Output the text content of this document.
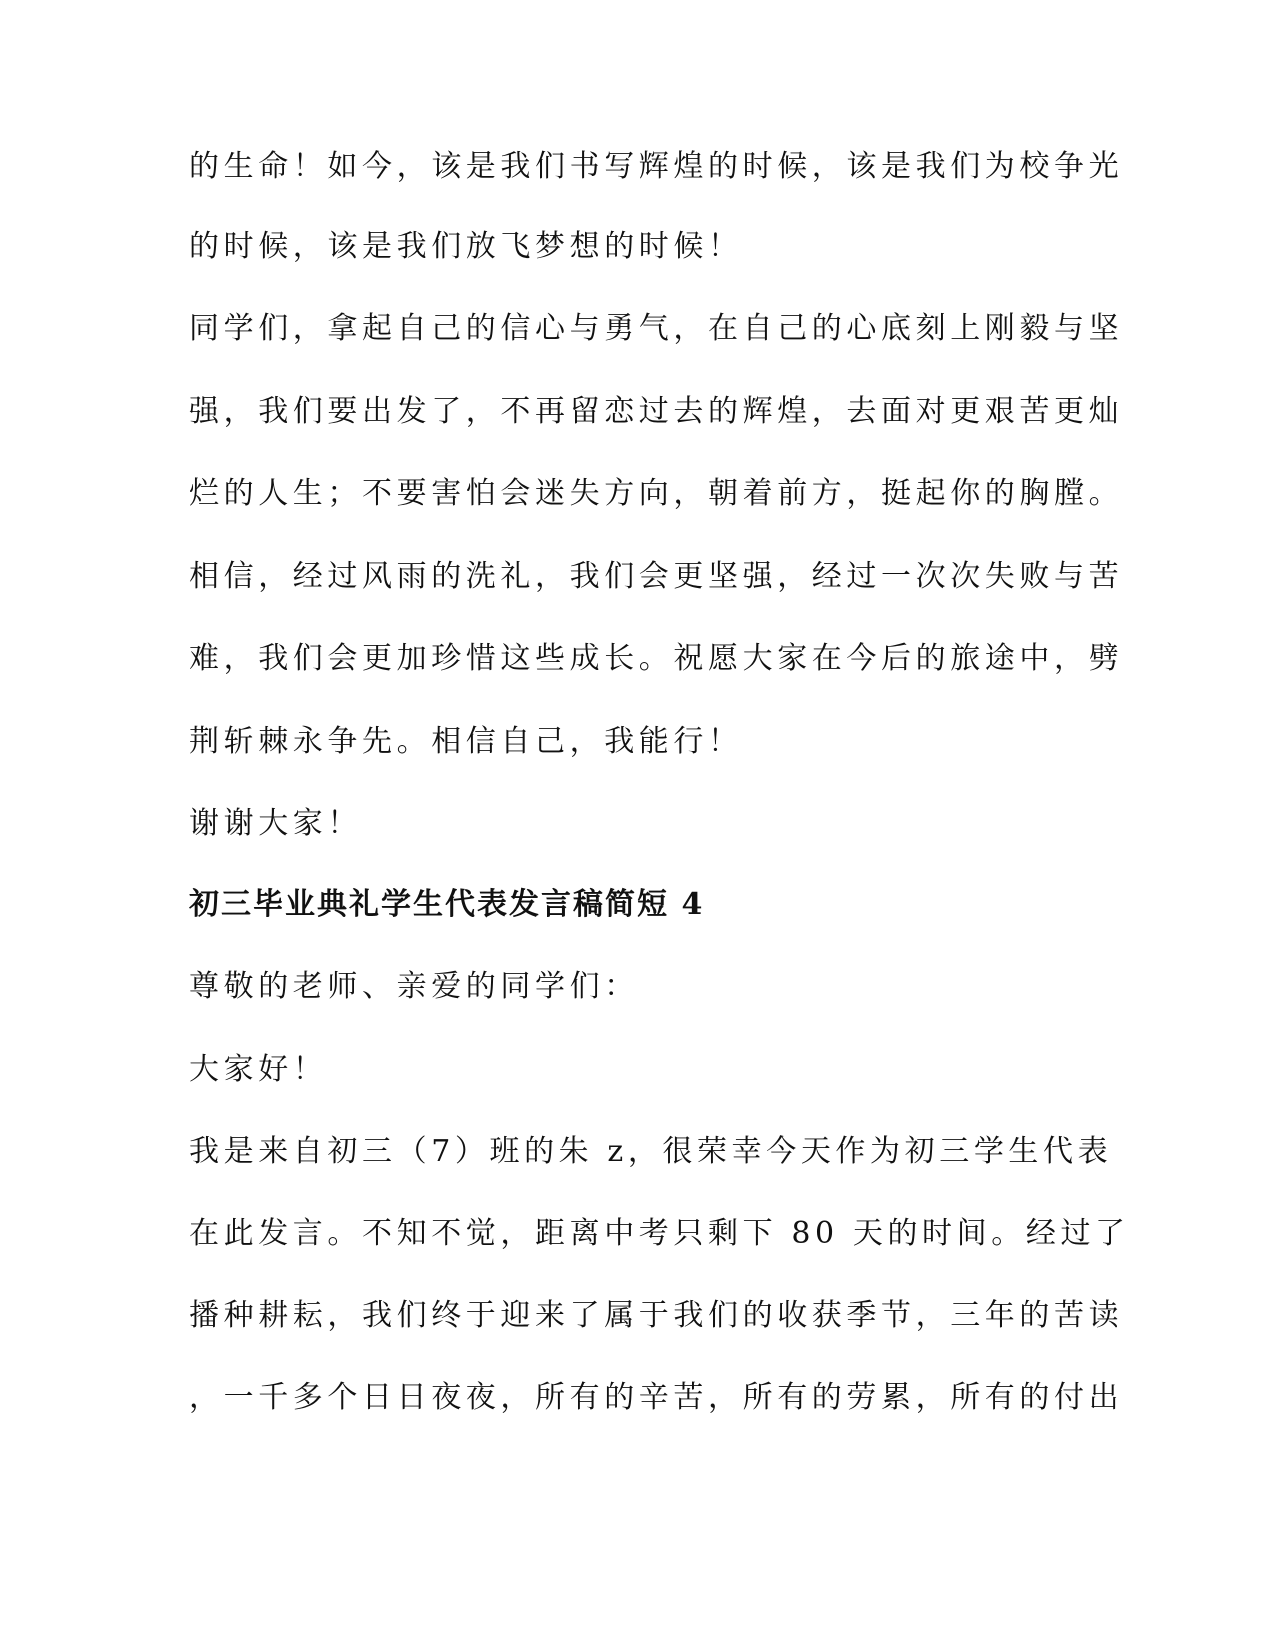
的生命！如今，该是我们书写辉煌的时候，该是我们为校争光
的时候，该是我们放飞梦想的时候！
同学们，拿起自己的信心与勇气，在自己的心底刻上刚毅与坚
强，我们要出发了，不再留恋过去的辉煌，去面对更艰苦更灿
烂的人生；不要害怕会迷失方向，朝着前方，挺起你的胸膛。
相信，经过风雨的洗礼，我们会更坚强，经过一次次失败与苦
难，我们会更加珍惜这些成长。祝愿大家在今后的旅途中，劈
荆斩棘永争先。相信自己，我能行！
谢谢大家！
初三毕业典礼学生代表发言稿简短 4
尊敬的老师、亲爱的同学们：
大家好！
我是来自初三（7）班的朱 z，很荣幸今天作为初三学生代表
在此发言。不知不觉，距离中考只剩下 80 天的时间。经过了
播种耕耘，我们终于迎来了属于我们的收获季节，三年的苦读
，一千多个日日夜夜，所有的辛苦，所有的劳累，所有的付出
